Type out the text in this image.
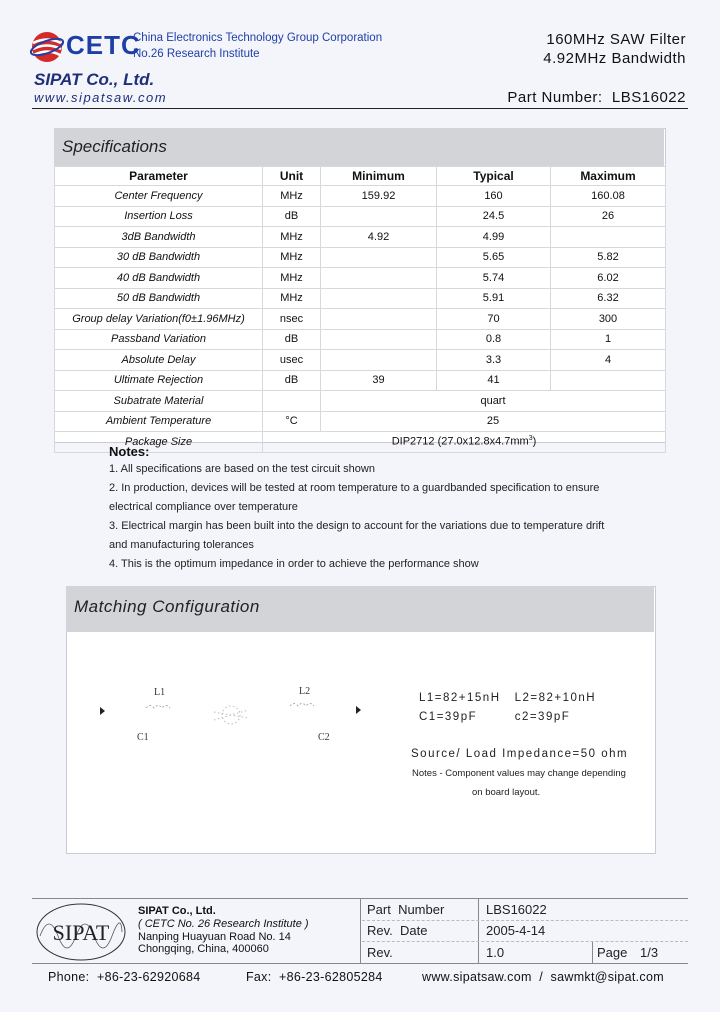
CETC
China Electronics Technology Group Corporation
No.26 Research Institute
SIPAT Co., Ltd.
www.sipatsaw.com
160MHz SAW Filter
4.92MHz Bandwidth
Part Number: LBS16022
Specifications
Parameter	Unit	Minimum	Typical	Maximum
Center Frequency	MHz	159.92	160	160.08
Insertion Loss	dB		24.5	26
3dB Bandwidth	MHz	4.92	4.99	
30 dB Bandwidth	MHz		5.65	5.82
40 dB Bandwidth	MHz		5.74	6.02
50 dB Bandwidth	MHz		5.91	6.32
Group delay Variation(f0±1.96MHz)	nsec		70	300
Passband Variation	dB		0.8	1
Absolute Delay	usec		3.3	4
Ultimate Rejection	dB	39	41	
Subatrate Material		quart		
Ambient Temperature	°C	25		
Package Size	DIP2712 $(27.0x12.8x4.7mm^3)$			
Notes:
1. All specifications are based on the test circuit shown
2. In production, devices will be tested at room temperature to a guardbanded specification to ensure
electrical compliance over temperature
3. Electrical margin has been built into the design to account for the variations due to temperature drift
and manufacturing tolerances
4. This is the optimum impedance in order to achieve the performance show
Matching Configuration
L1	L2
C1	C2
L1=82+15nH   L2=82+10nH
C1=39pF        c2=39pF
Source/ Load Impedance=50 ohm
Notes - Component values may change depending
on board layout.
SIPAT
SIPAT Co., Ltd.
( CETC No. 26 Research Institute )
Nanping Huayuan Road No. 14
Chongqing, China, 400060
Part  Number	LBS16022
Rev.  Date	2005-4-14
Rev.	1.0	Page 1/3
Phone:  +86-23-62920684	Fax:  +86-23-62805284	www.sipatsaw.com  /  sawmkt@sipat.com
